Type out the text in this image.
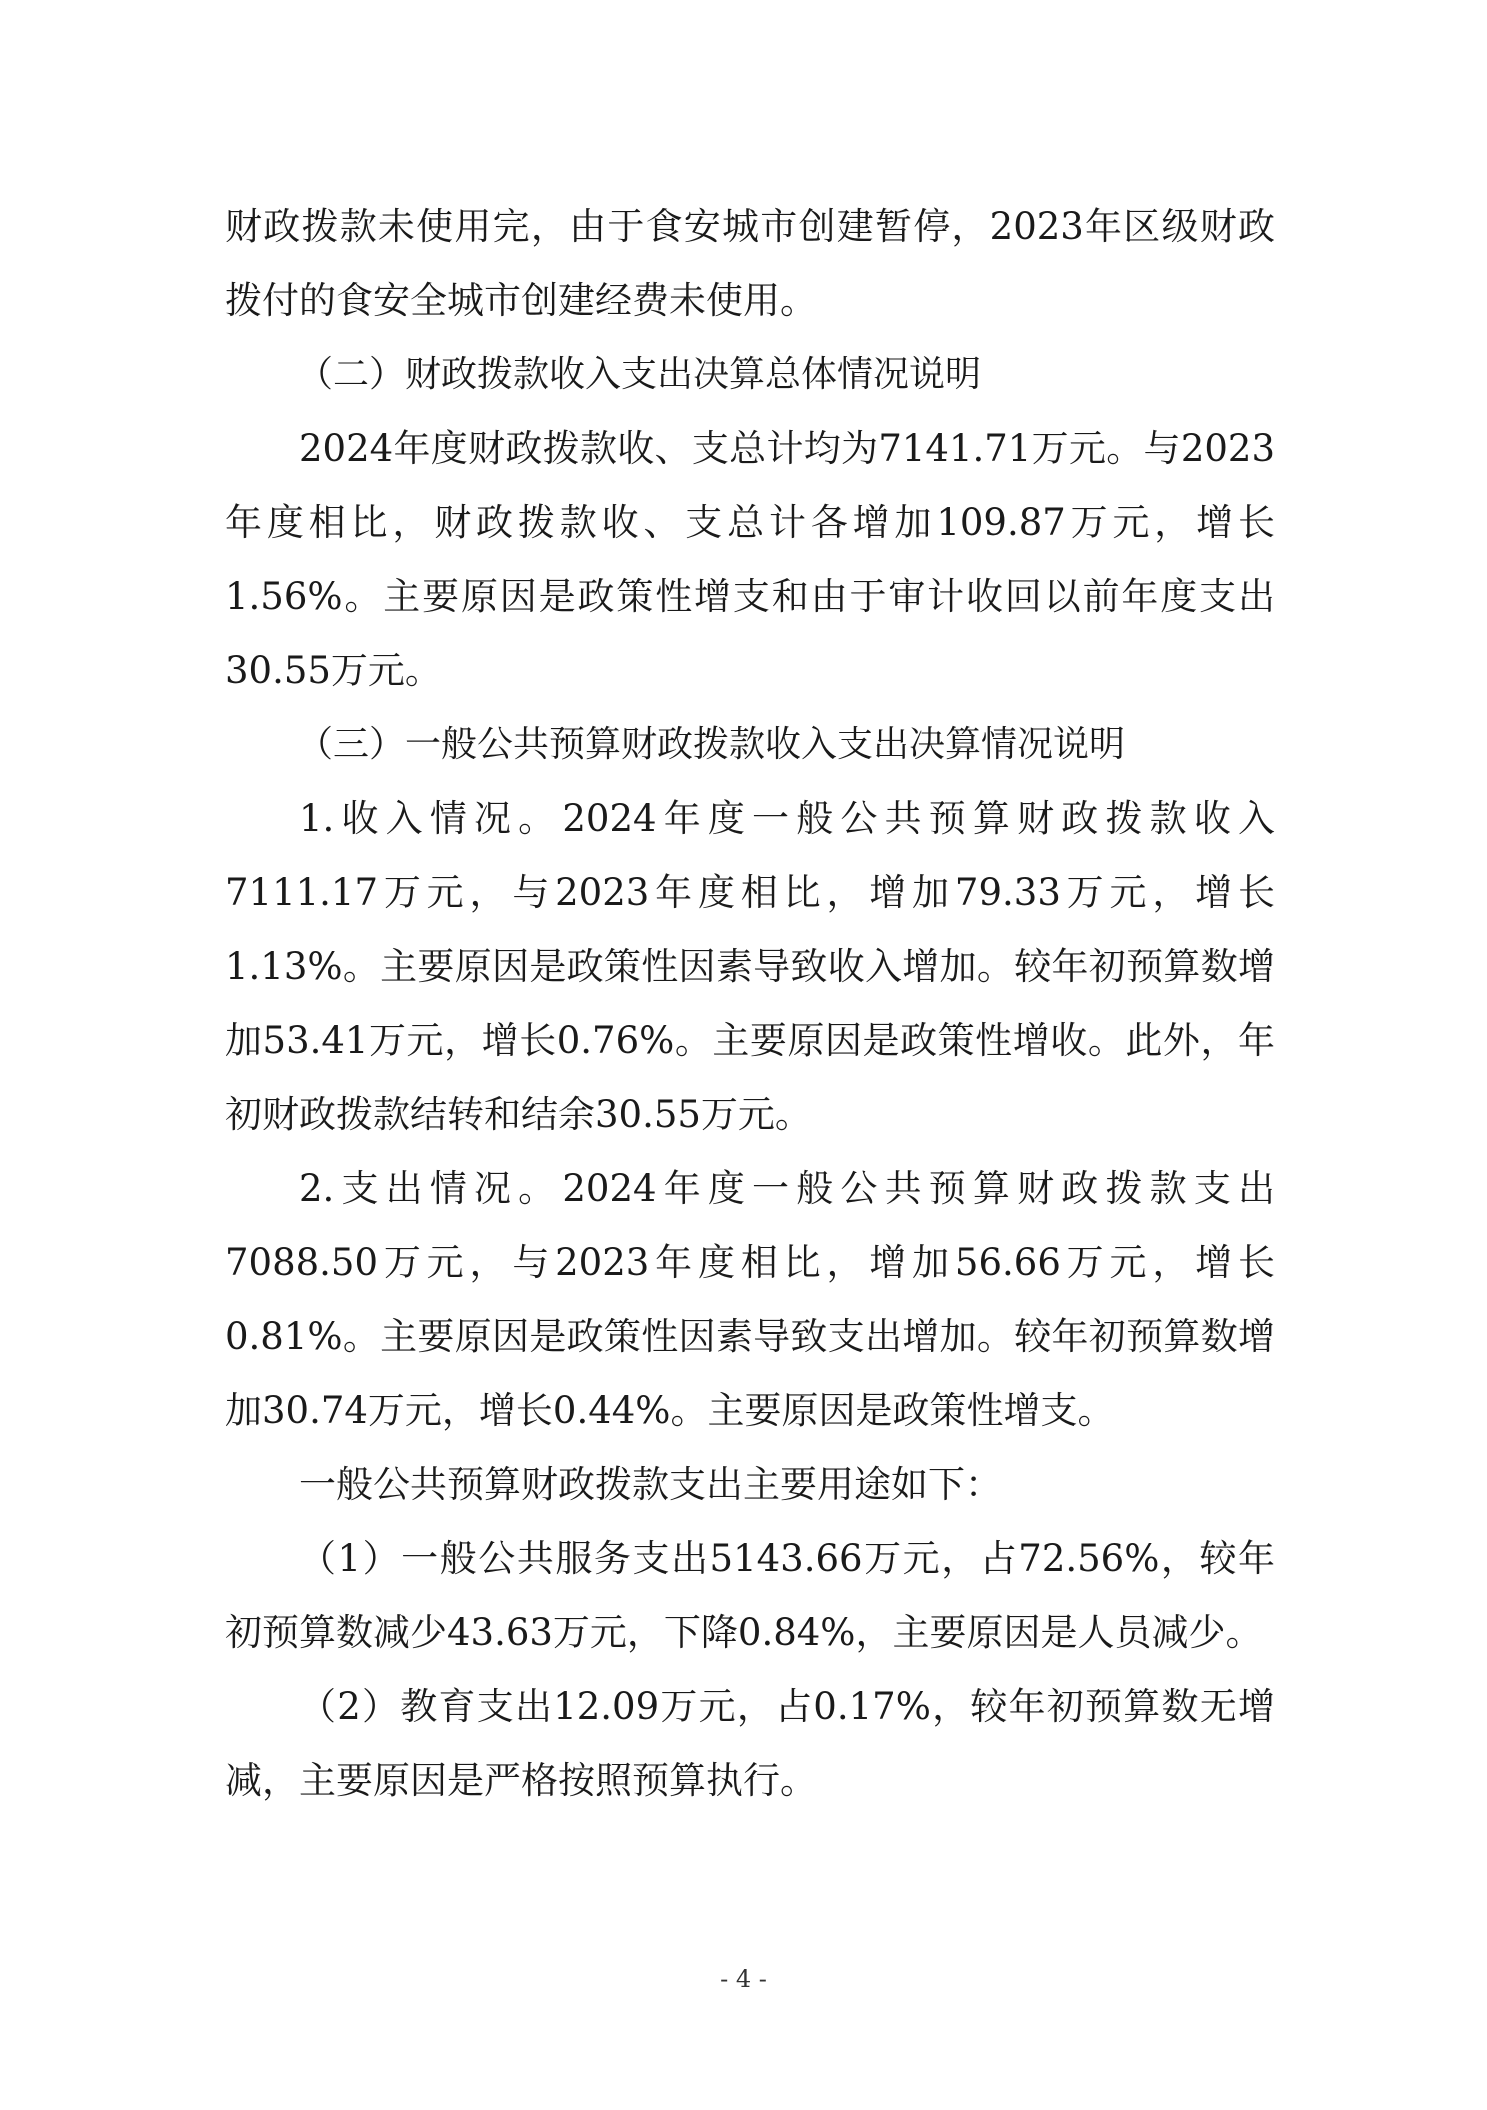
财政拨款未使用完，由于食安城市创建暂停，2023年区级财政拨付的食安全城市创建经费未使用。

（二）财政拨款收入支出决算总体情况说明

2024年度财政拨款收、支总计均为7141.71万元。与2023年度相比，财政拨款收、支总计各增加109.87万元，增长1.56%。主要原因是政策性增支和由于审计收回以前年度支出30.55万元。

（三）一般公共预算财政拨款收入支出决算情况说明

1.收入情况。2024年度一般公共预算财政拨款收入7111.17万元，与2023年度相比，增加79.33万元，增长1.13%。主要原因是政策性因素导致收入增加。较年初预算数增加53.41万元，增长0.76%。主要原因是政策性增收。此外，年初财政拨款结转和结余30.55万元。

2.支出情况。2024年度一般公共预算财政拨款支出7088.50万元，与2023年度相比，增加56.66万元，增长0.81%。主要原因是政策性因素导致支出增加。较年初预算数增加30.74万元，增长0.44%。主要原因是政策性增支。

一般公共预算财政拨款支出主要用途如下：

（1）一般公共服务支出5143.66万元，占72.56%，较年初预算数减少43.63万元，下降0.84%，主要原因是人员减少。

（2）教育支出12.09万元，占0.17%，较年初预算数无增减，主要原因是严格按照预算执行。

- 4 -
